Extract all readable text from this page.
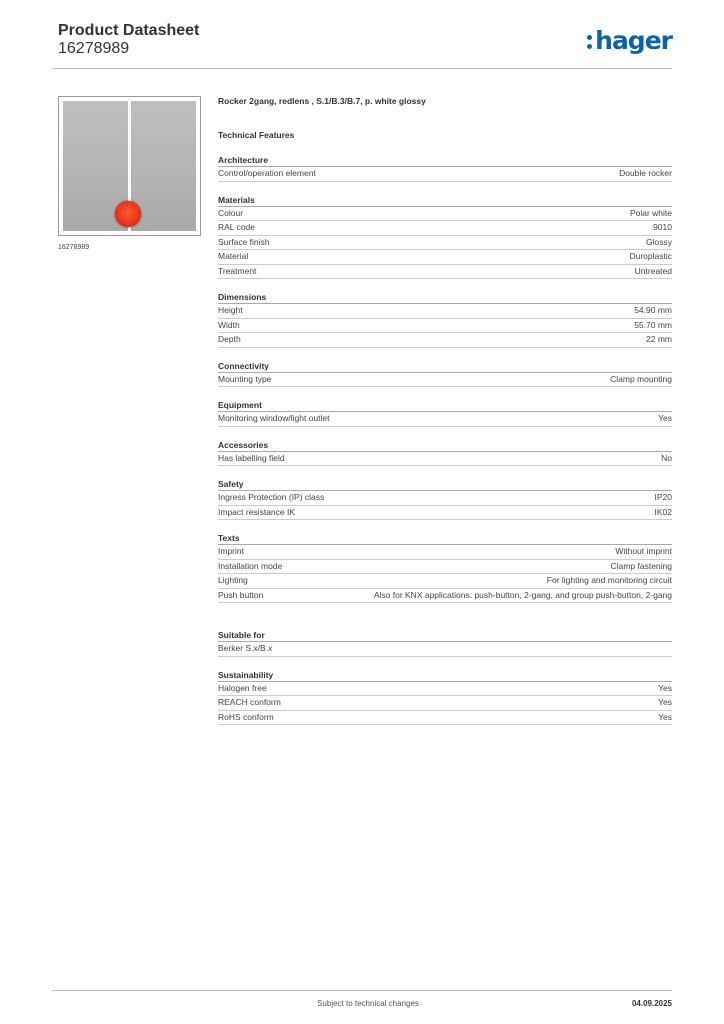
Product Datasheet
16278989	hager
16278989
Rocker 2gang, redlens , S.1/B.3/B.7, p. white glossy
Technical Features
Architecture
Control/operation element	Double rocker
Materials
Colour	Polar white
RAL code	9010
Surface finish	Glossy
Material	Duroplastic
Treatment	Untreated
Dimensions
Height	54.90 mm
Width	55.70 mm
Depth	22 mm
Connectivity
Mounting type	Clamp mounting
Equipment
Monitoring window/light outlet	Yes
Accessories
Has labelling field	No
Safety
Ingress Protection (IP) class	IP20
Impact resistance IK	IK02
Texts
Imprint	Without imprint
Installation mode	Clamp fastening
Lighting	For lighting and monitoring circuit
Push button	Also for KNX applications: push-button, 2-gang, and group push-button, 2-gang
Suitable for
Berker S.x/B.x
Sustainability
Halogen free	Yes
REACH conform	Yes
RoHS conform	Yes
Subject to technical changes	04.09.2025
